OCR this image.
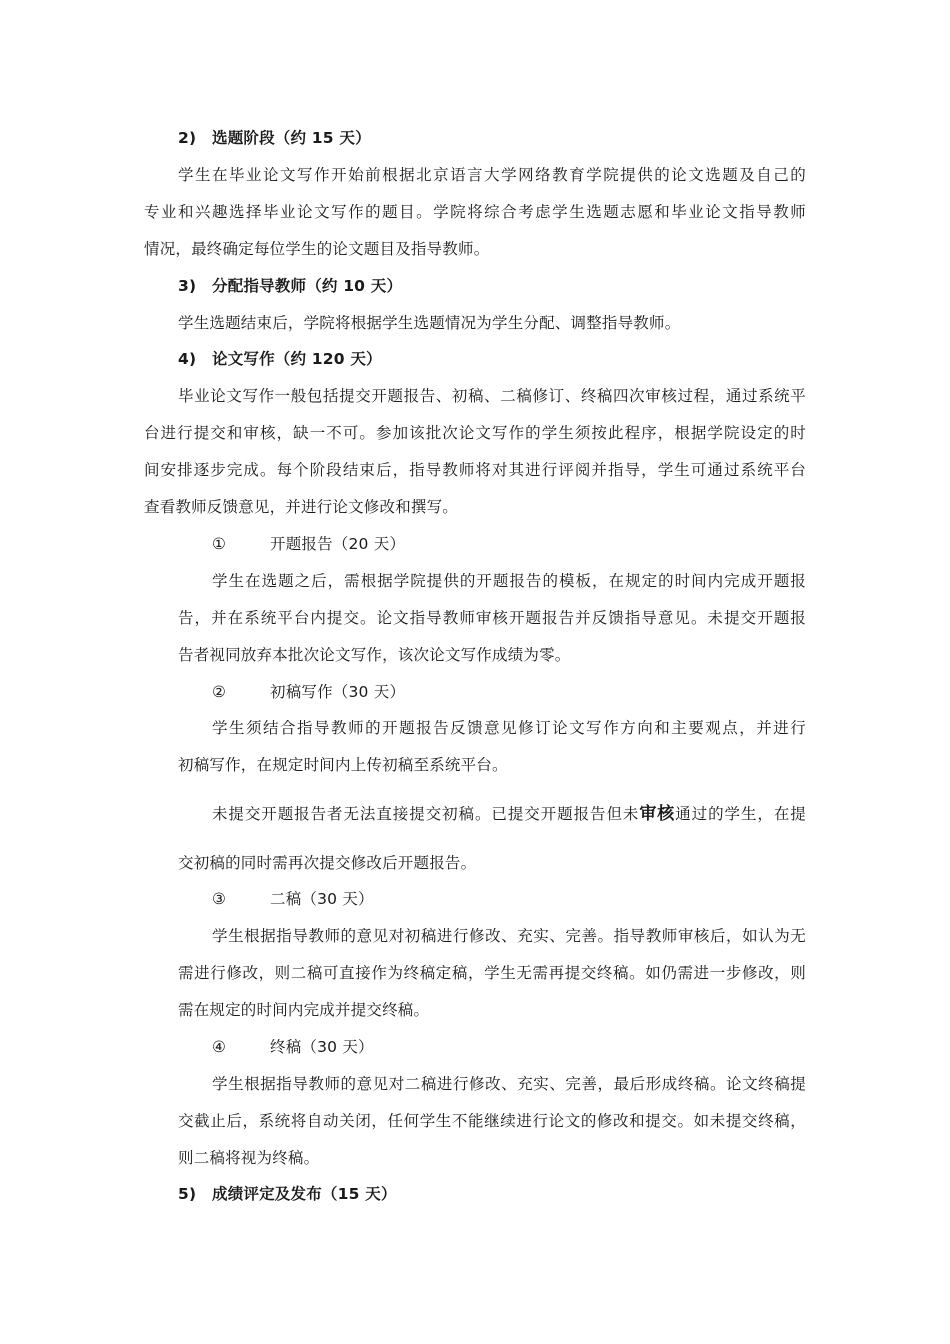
2) 选题阶段（约 15 天）
学生在毕业论文写作开始前根据北京语言大学网络教育学院提供的论文选题及自己的
专业和兴趣选择毕业论文写作的题目。学院将综合考虑学生选题志愿和毕业论文指导教师
情况，最终确定每位学生的论文题目及指导教师。
3) 分配指导教师（约 10 天）
学生选题结束后，学院将根据学生选题情况为学生分配、调整指导教师。
4) 论文写作（约 120 天）
毕业论文写作一般包括提交开题报告、初稿、二稿修订、终稿四次审核过程，通过系统平
台进行提交和审核，缺一不可。参加该批次论文写作的学生须按此程序，根据学院设定的时
间安排逐步完成。每个阶段结束后，指导教师将对其进行评阅并指导，学生可通过系统平台
查看教师反馈意见，并进行论文修改和撰写。
①	开题报告（20 天）
学生在选题之后，需根据学院提供的开题报告的模板，在规定的时间内完成开题报
告，并在系统平台内提交。论文指导教师审核开题报告并反馈指导意见。未提交开题报
告者视同放弃本批次论文写作，该次论文写作成绩为零。
②	初稿写作（30 天）
学生须结合指导教师的开题报告反馈意见修订论文写作方向和主要观点，并进行
初稿写作，在规定时间内上传初稿至系统平台。
未提交开题报告者无法直接提交初稿。已提交开题报告但未审核通过的学生，在提
交初稿的同时需再次提交修改后开题报告。
③	二稿（30 天）
学生根据指导教师的意见对初稿进行修改、充实、完善。指导教师审核后，如认为无
需进行修改，则二稿可直接作为终稿定稿，学生无需再提交终稿。如仍需进一步修改，则
需在规定的时间内完成并提交终稿。
④	终稿（30 天）
学生根据指导教师的意见对二稿进行修改、充实、完善，最后形成终稿。论文终稿提
交截止后，系统将自动关闭，任何学生不能继续进行论文的修改和提交。如未提交终稿，
则二稿将视为终稿。
5) 成绩评定及发布（15 天）
